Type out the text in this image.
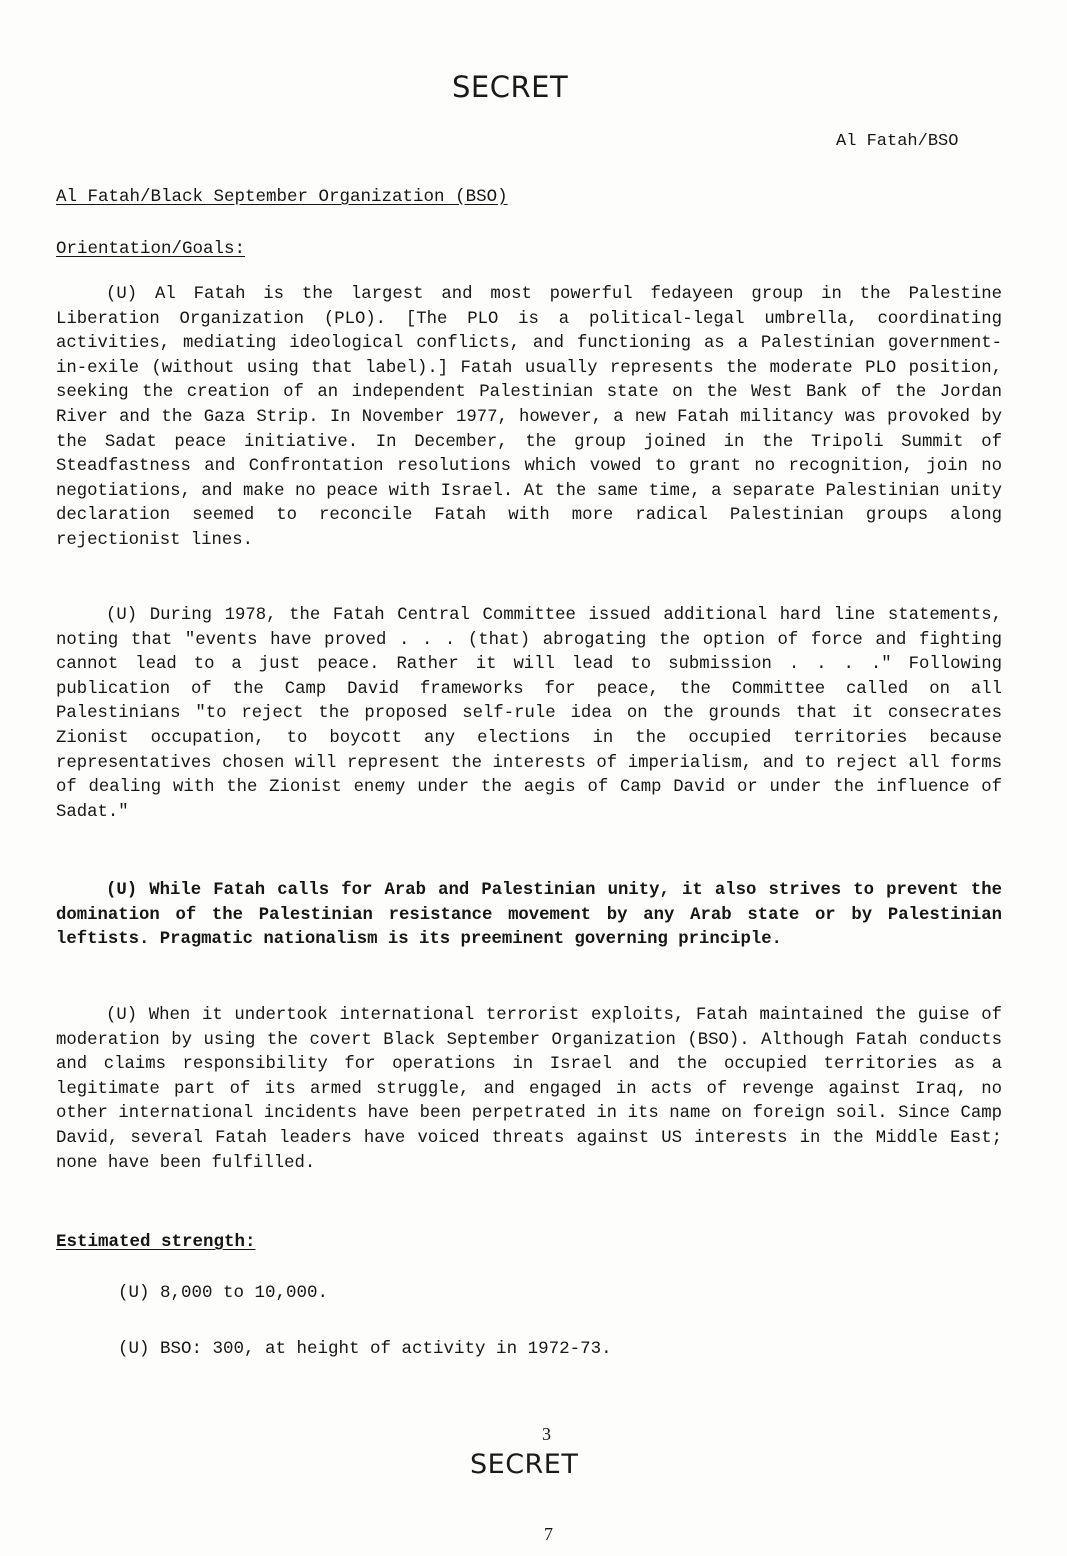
SECRET
Al Fatah/BSO
Al Fatah/Black September Organization (BSO)
Orientation/Goals:

(U) Al Fatah is the largest and most powerful fedayeen group in the Palestine Liberation Organization (PLO). [The PLO is a political-legal umbrella, coordinating activities, mediating ideological conflicts, and functioning as a Palestinian government-in-exile (without using that label).] Fatah usually represents the moderate PLO position, seeking the creation of an independent Palestinian state on the West Bank of the Jordan River and the Gaza Strip. In November 1977, however, a new Fatah militancy was provoked by the Sadat peace initiative. In December, the group joined in the Tripoli Summit of Steadfastness and Confrontation resolutions which vowed to grant no recognition, join no negotiations, and make no peace with Israel. At the same time, a separate Palestinian unity declaration seemed to reconcile Fatah with more radical Palestinian groups along rejectionist lines.

(U) During 1978, the Fatah Central Committee issued additional hard line statements, noting that "events have proved . . . (that) abrogating the option of force and fighting cannot lead to a just peace. Rather it will lead to submission . . . ." Following publication of the Camp David frameworks for peace, the Committee called on all Palestinians "to reject the proposed self-rule idea on the grounds that it consecrates Zionist occupation, to boycott any elections in the occupied territories because representatives chosen will represent the interests of imperialism, and to reject all forms of dealing with the Zionist enemy under the aegis of Camp David or under the influence of Sadat."

(U) While Fatah calls for Arab and Palestinian unity, it also strives to prevent the domination of the Palestinian resistance movement by any Arab state or by Palestinian leftists. Pragmatic nationalism is its preeminent governing principle.

(U) When it undertook international terrorist exploits, Fatah maintained the guise of moderation by using the covert Black September Organization (BSO). Although Fatah conducts and claims responsibility for operations in Israel and the occupied territories as a legitimate part of its armed struggle, and engaged in acts of revenge against Iraq, no other international incidents have been perpetrated in its name on foreign soil. Since Camp David, several Fatah leaders have voiced threats against US interests in the Middle East; none have been fulfilled.

Estimated strength:
(U) 8,000 to 10,000.
(U) BSO: 300, at height of activity in 1972-73.
3
SECRET
7
